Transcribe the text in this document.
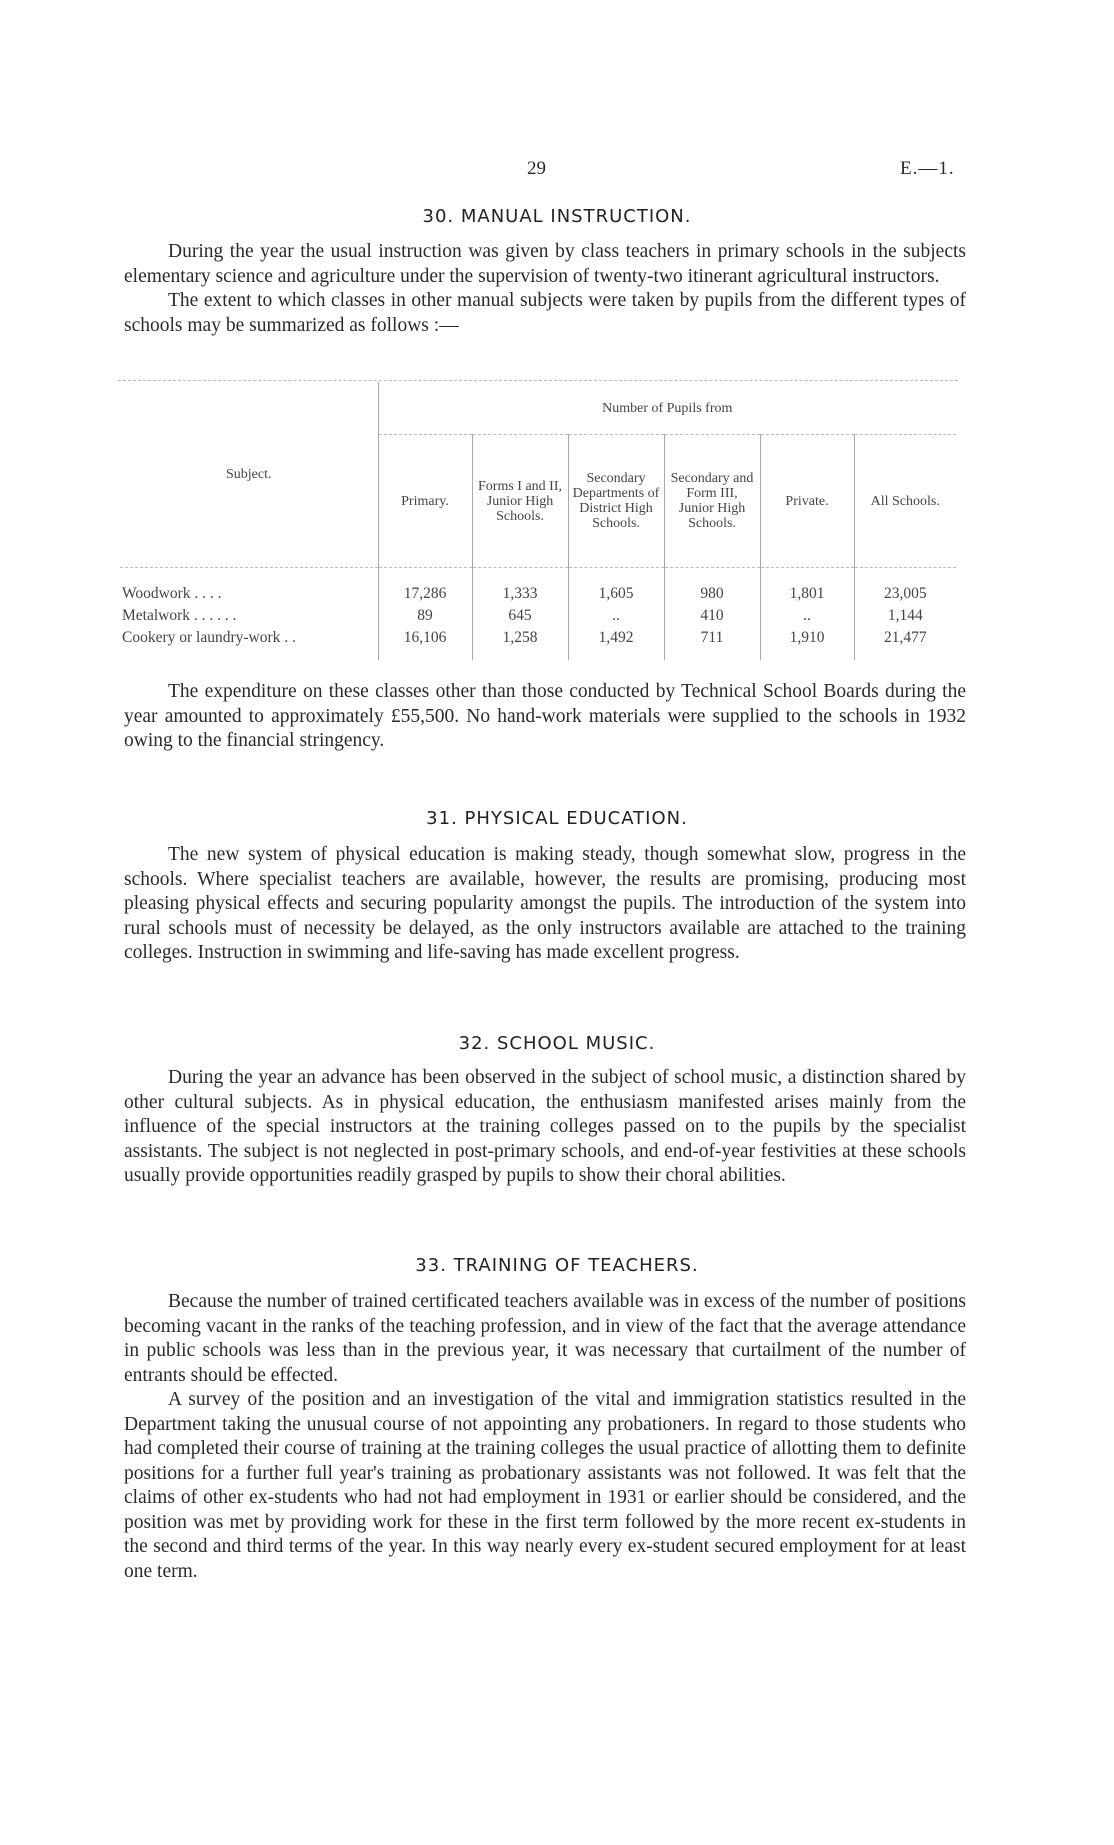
29	E.—1.
30. MANUAL INSTRUCTION.

During the year the usual instruction was given by class teachers in primary schools in the subjects elementary science and agriculture under the supervision of twenty-two itinerant agricultural instructors.

The extent to which classes in other manual subjects were taken by pupils from the different types of schools may be summarized as follows :—

Subject.	Number of Pupils from					
	Primary.	Forms I and II, Junior High Schools.	Secondary Departments of District High Schools.	Secondary and Form III, Junior High Schools.	Private.	All Schools.
Woodwork . . . .	17,286	1,333	1,605	980	1,801	23,005
Metalwork . . . . . .	89	645	..	410	..	1,144
Cookery or laundry-work . .	16,106	1,258	1,492	711	1,910	21,477

The expenditure on these classes other than those conducted by Technical School Boards during the year amounted to approximately £55,500. No hand-work materials were supplied to the schools in 1932 owing to the financial stringency.

31. PHYSICAL EDUCATION.

The new system of physical education is making steady, though somewhat slow, progress in the schools. Where specialist teachers are available, however, the results are promising, producing most pleasing physical effects and securing popularity amongst the pupils. The introduction of the system into rural schools must of necessity be delayed, as the only instructors available are attached to the training colleges. Instruction in swimming and life-saving has made excellent progress.

32. SCHOOL MUSIC.

During the year an advance has been observed in the subject of school music, a distinction shared by other cultural subjects. As in physical education, the enthusiasm manifested arises mainly from the influence of the special instructors at the training colleges passed on to the pupils by the specialist assistants. The subject is not neglected in post-primary schools, and end-of-year festivities at these schools usually provide opportunities readily grasped by pupils to show their choral abilities.

33. TRAINING OF TEACHERS.

Because the number of trained certificated teachers available was in excess of the number of positions becoming vacant in the ranks of the teaching profession, and in view of the fact that the average attendance in public schools was less than in the previous year, it was necessary that curtailment of the number of entrants should be effected.

A survey of the position and an investigation of the vital and immigration statistics resulted in the Department taking the unusual course of not appointing any probationers. In regard to those students who had completed their course of training at the training colleges the usual practice of allotting them to definite positions for a further full year's training as probationary assistants was not followed. It was felt that the claims of other ex-students who had not had employment in 1931 or earlier should be considered, and the position was met by providing work for these in the first term followed by the more recent ex-students in the second and third terms of the year. In this way nearly every ex-student secured employment for at least one term.
